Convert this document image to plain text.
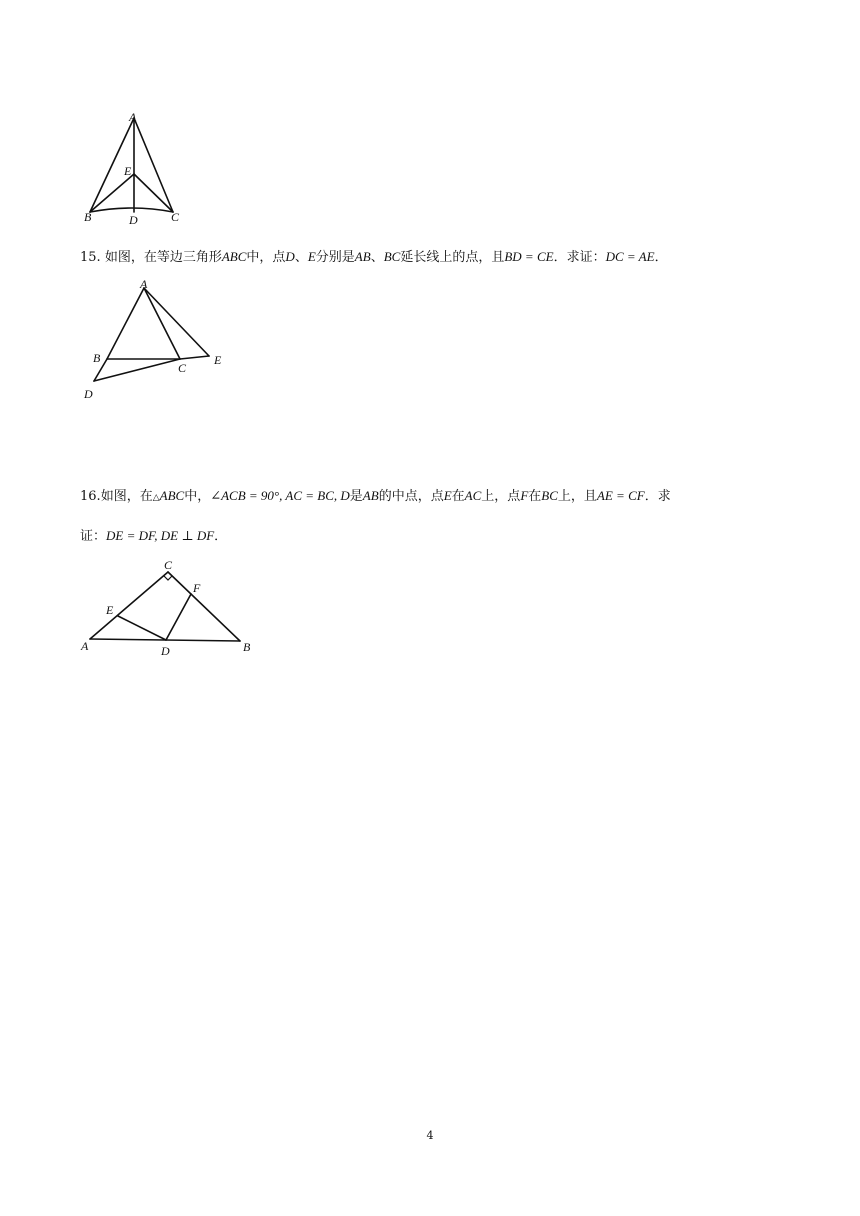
A
E
B	D	C
15. 如图，在等边三角形ABC中，点D、E分别是AB、BC延长线上的点，且BD = CE．求证：DC = AE．
A
B
C
E
D
16.如图，在△ABC中，∠ACB = 90°, AC = BC, D是AB的中点，点E在AC上，点F在BC上，且AE = CF．求
证：DE = DF, DE ⊥ DF．
C
F
E
A	D	B
4
